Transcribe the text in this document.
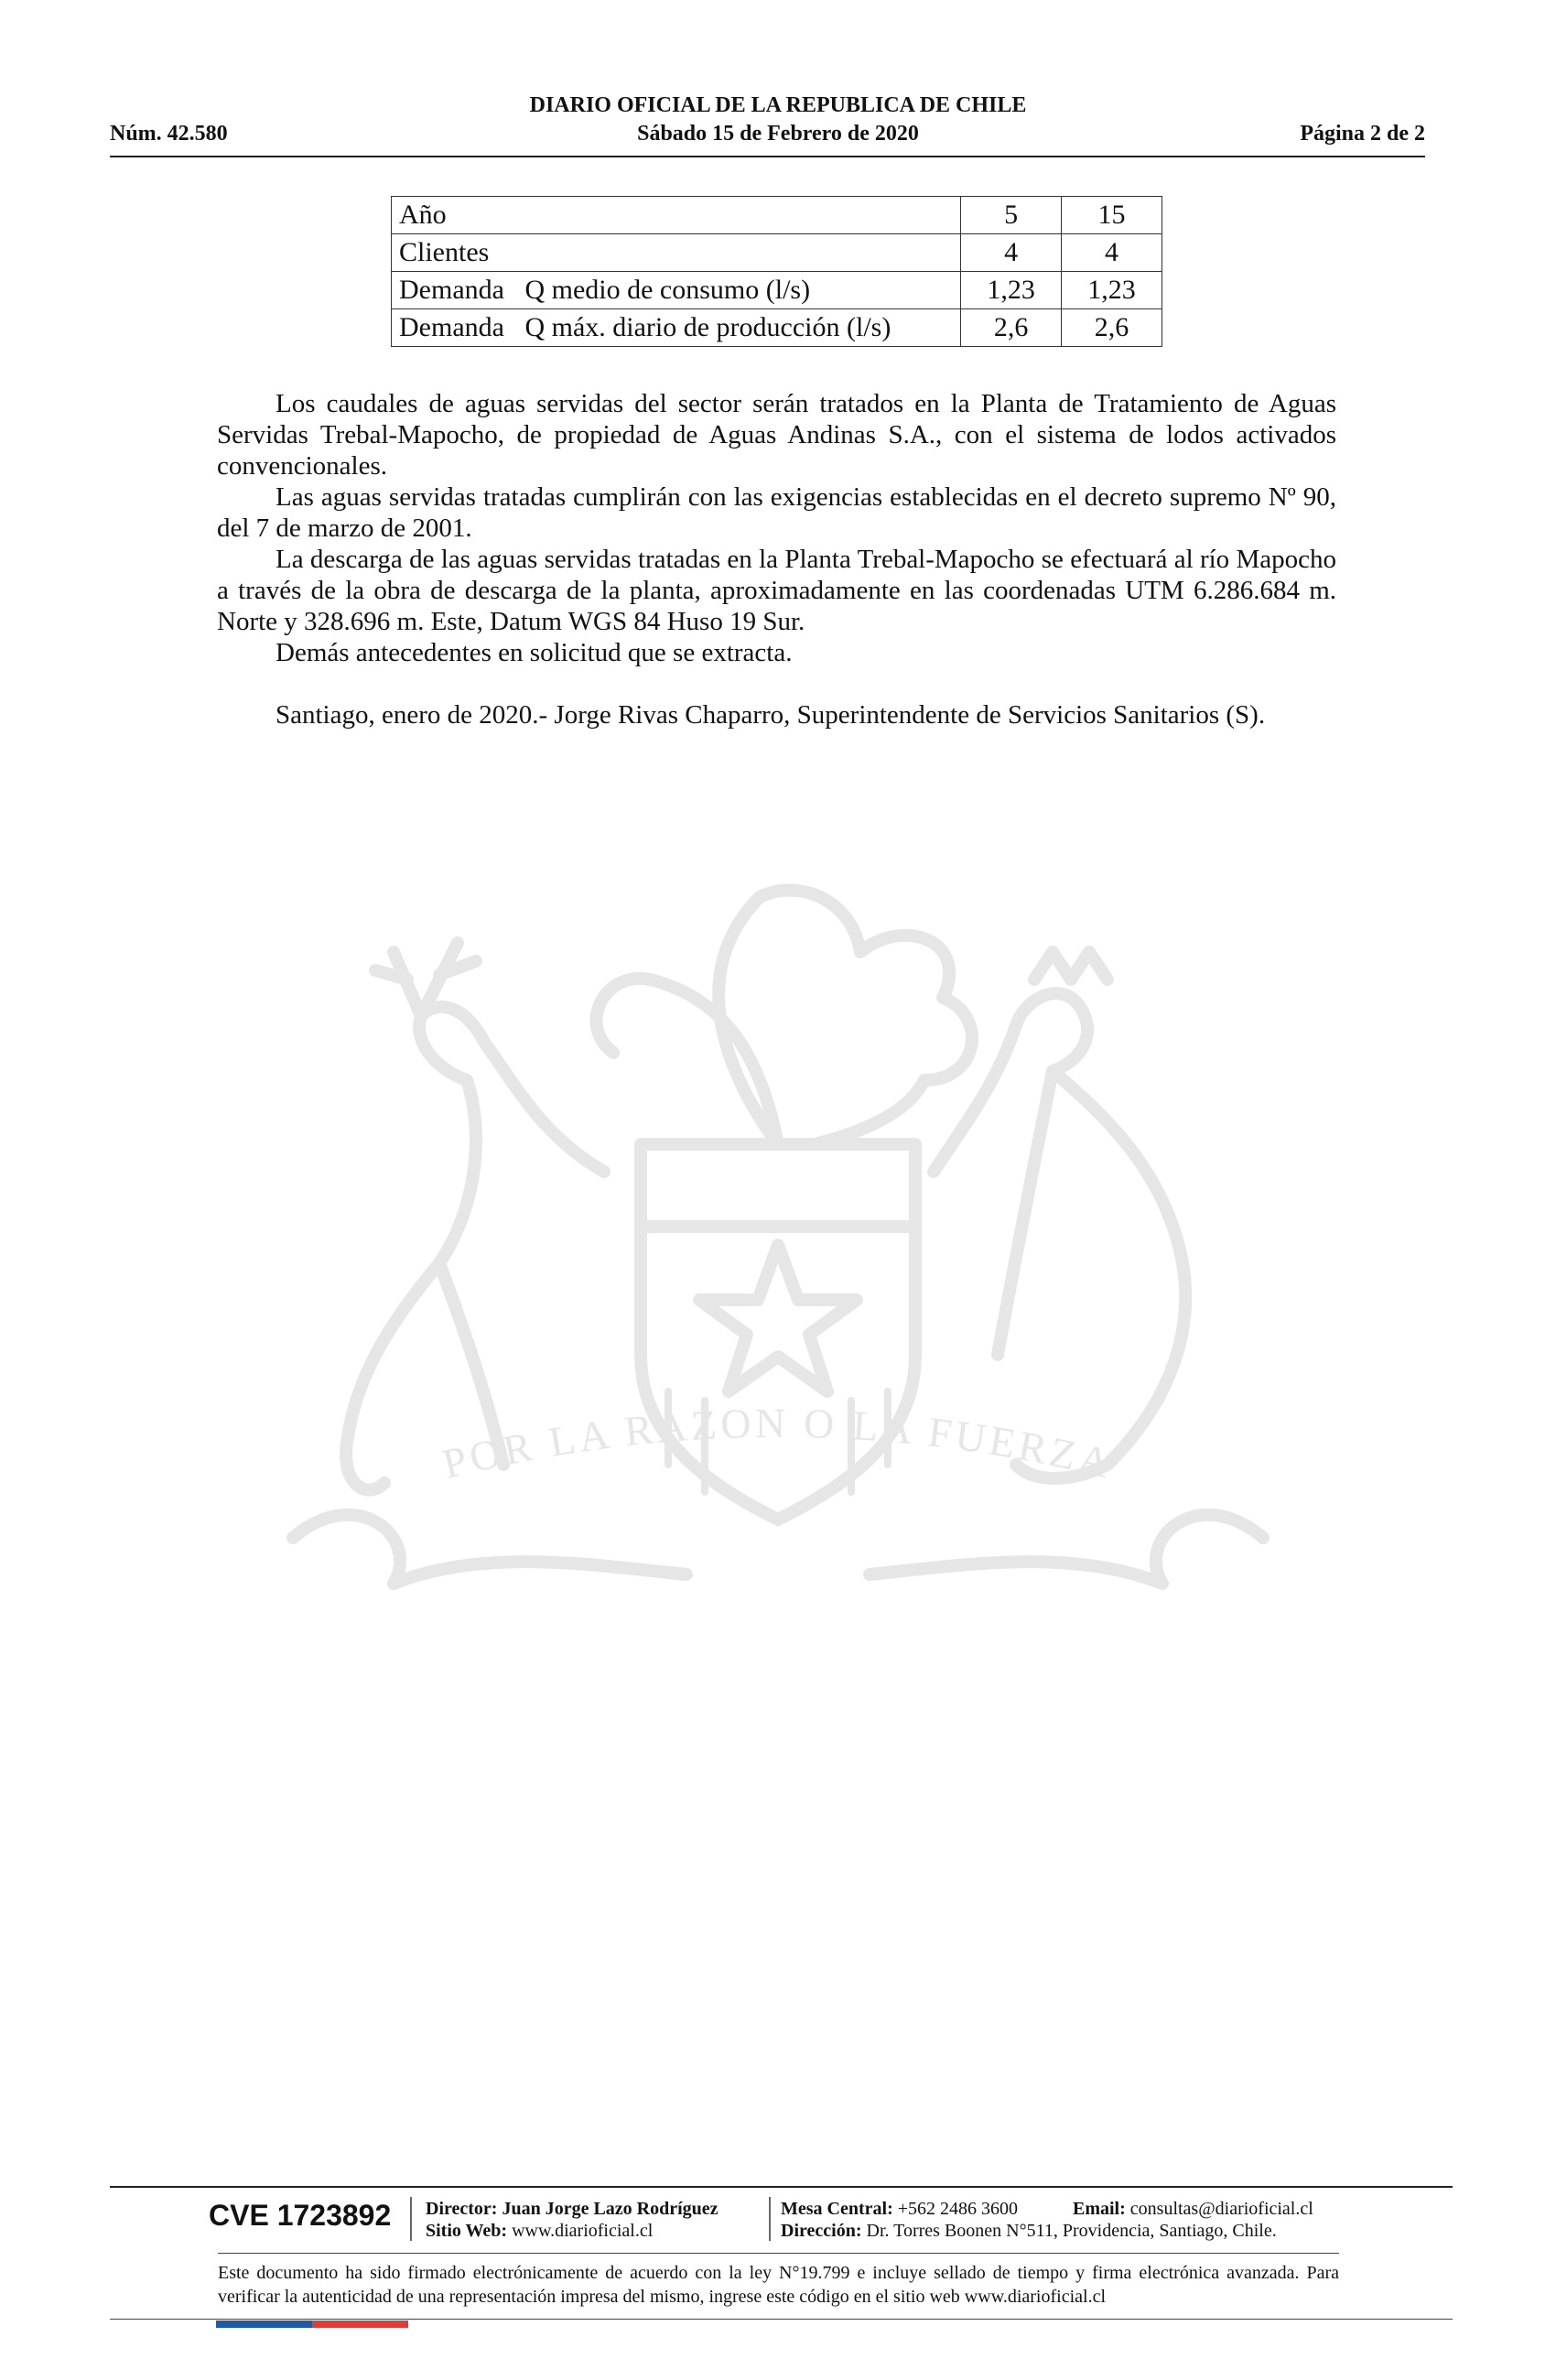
DIARIO OFICIAL DE LA REPUBLICA DE CHILE
Núm. 42.580	Sábado 15 de Febrero de 2020	Página 2 de 2
POR LA RAZON O LA FUERZA
Año	5	15
Clientes	4	4
Demanda   Q medio de consumo (l/s)	1,23	1,23
Demanda   Q máx. diario de producción (l/s)	2,6	2,6

Los caudales de aguas servidas del sector serán tratados en la Planta de Tratamiento de Aguas Servidas Trebal-Mapocho, de propiedad de Aguas Andinas S.A., con el sistema de lodos activados convencionales.

Las aguas servidas tratadas cumplirán con las exigencias establecidas en el decreto supremo Nº 90, del 7 de marzo de 2001.

La descarga de las aguas servidas tratadas en la Planta Trebal-Mapocho se efectuará al río Mapocho a través de la obra de descarga de la planta, aproximadamente en las coordenadas UTM 6.286.684 m. Norte y 328.696 m. Este, Datum WGS 84 Huso 19 Sur.

Demás antecedentes en solicitud que se extracta.

Santiago, enero de 2020.- Jorge Rivas Chaparro, Superintendente de Servicios Sanitarios (S).

CVE 1723892 Director: Juan Jorge Lazo Rodríguez
Sitio Web: www.diarioficial.cl
Mesa Central: +562 2486 3600	Email: consultas@diarioficial.cl
Dirección: Dr. Torres Boonen N°511, Providencia, Santiago, Chile.
Este documento ha sido firmado electrónicamente de acuerdo con la ley N°19.799 e incluye sellado de tiempo y firma electrónica avanzada. Para verificar la autenticidad de una representación impresa del mismo, ingrese este código en el sitio web www.diarioficial.cl
